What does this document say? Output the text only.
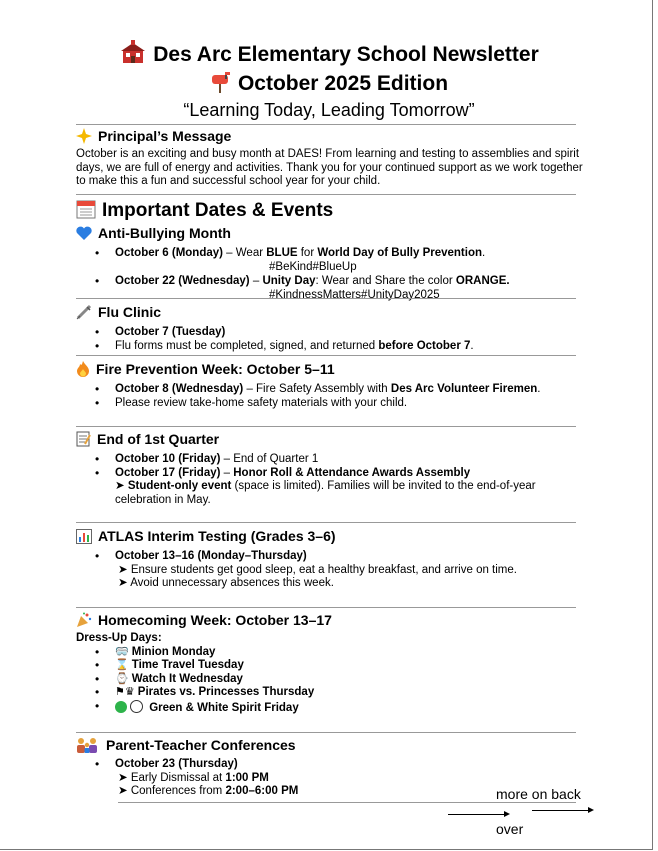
Des Arc Elementary School Newsletter
October 2025 Edition
“Learning Today, Leading Tomorrow”
Principal’s Message
October is an exciting and busy month at DAES! From learning and testing to assemblies and spirit days, we are full of energy and activities. Thank you for your continued support as we work together to make this a fun and successful school year for your child.
Important Dates & Events
Anti-Bullying Month
• October 6 (Monday) – Wear BLUE for World Day of Bully Prevention.
#BeKind#BlueUp
• October 22 (Wednesday) – Unity Day: Wear and Share the color ORANGE.
#KindnessMatters#UnityDay2025
Flu Clinic
• October 7 (Tuesday)
• Flu forms must be completed, signed, and returned before October 7.
Fire Prevention Week: October 5–11
• October 8 (Wednesday) – Fire Safety Assembly with Des Arc Volunteer Firemen.
• Please review take-home safety materials with your child.
End of 1st Quarter
• October 10 (Friday) – End of Quarter 1
• October 17 (Friday) – Honor Roll & Attendance Awards Assembly
➤ Student-only event (space is limited). Families will be invited to the end-of-year
celebration in May.
ATLAS Interim Testing (Grades 3–6)
• October 13–16 (Monday–Thursday)
➤ Ensure students get good sleep, eat a healthy breakfast, and arrive on time.
➤ Avoid unnecessary absences this week.
Homecoming Week: October 13–17
Dress-Up Days:
• 🥽 Minion Monday
• ⌛ Time Travel Tuesday
• ⌚ Watch It Wednesday
• ⚑♛ Pirates vs. Princesses Thursday
• Green & White Spirit Friday
Parent-Teacher Conferences
• October 23 (Thursday)
➤ Early Dismissal at 1:00 PM
➤ Conferences from 2:00–6:00 PM	more on back
over
